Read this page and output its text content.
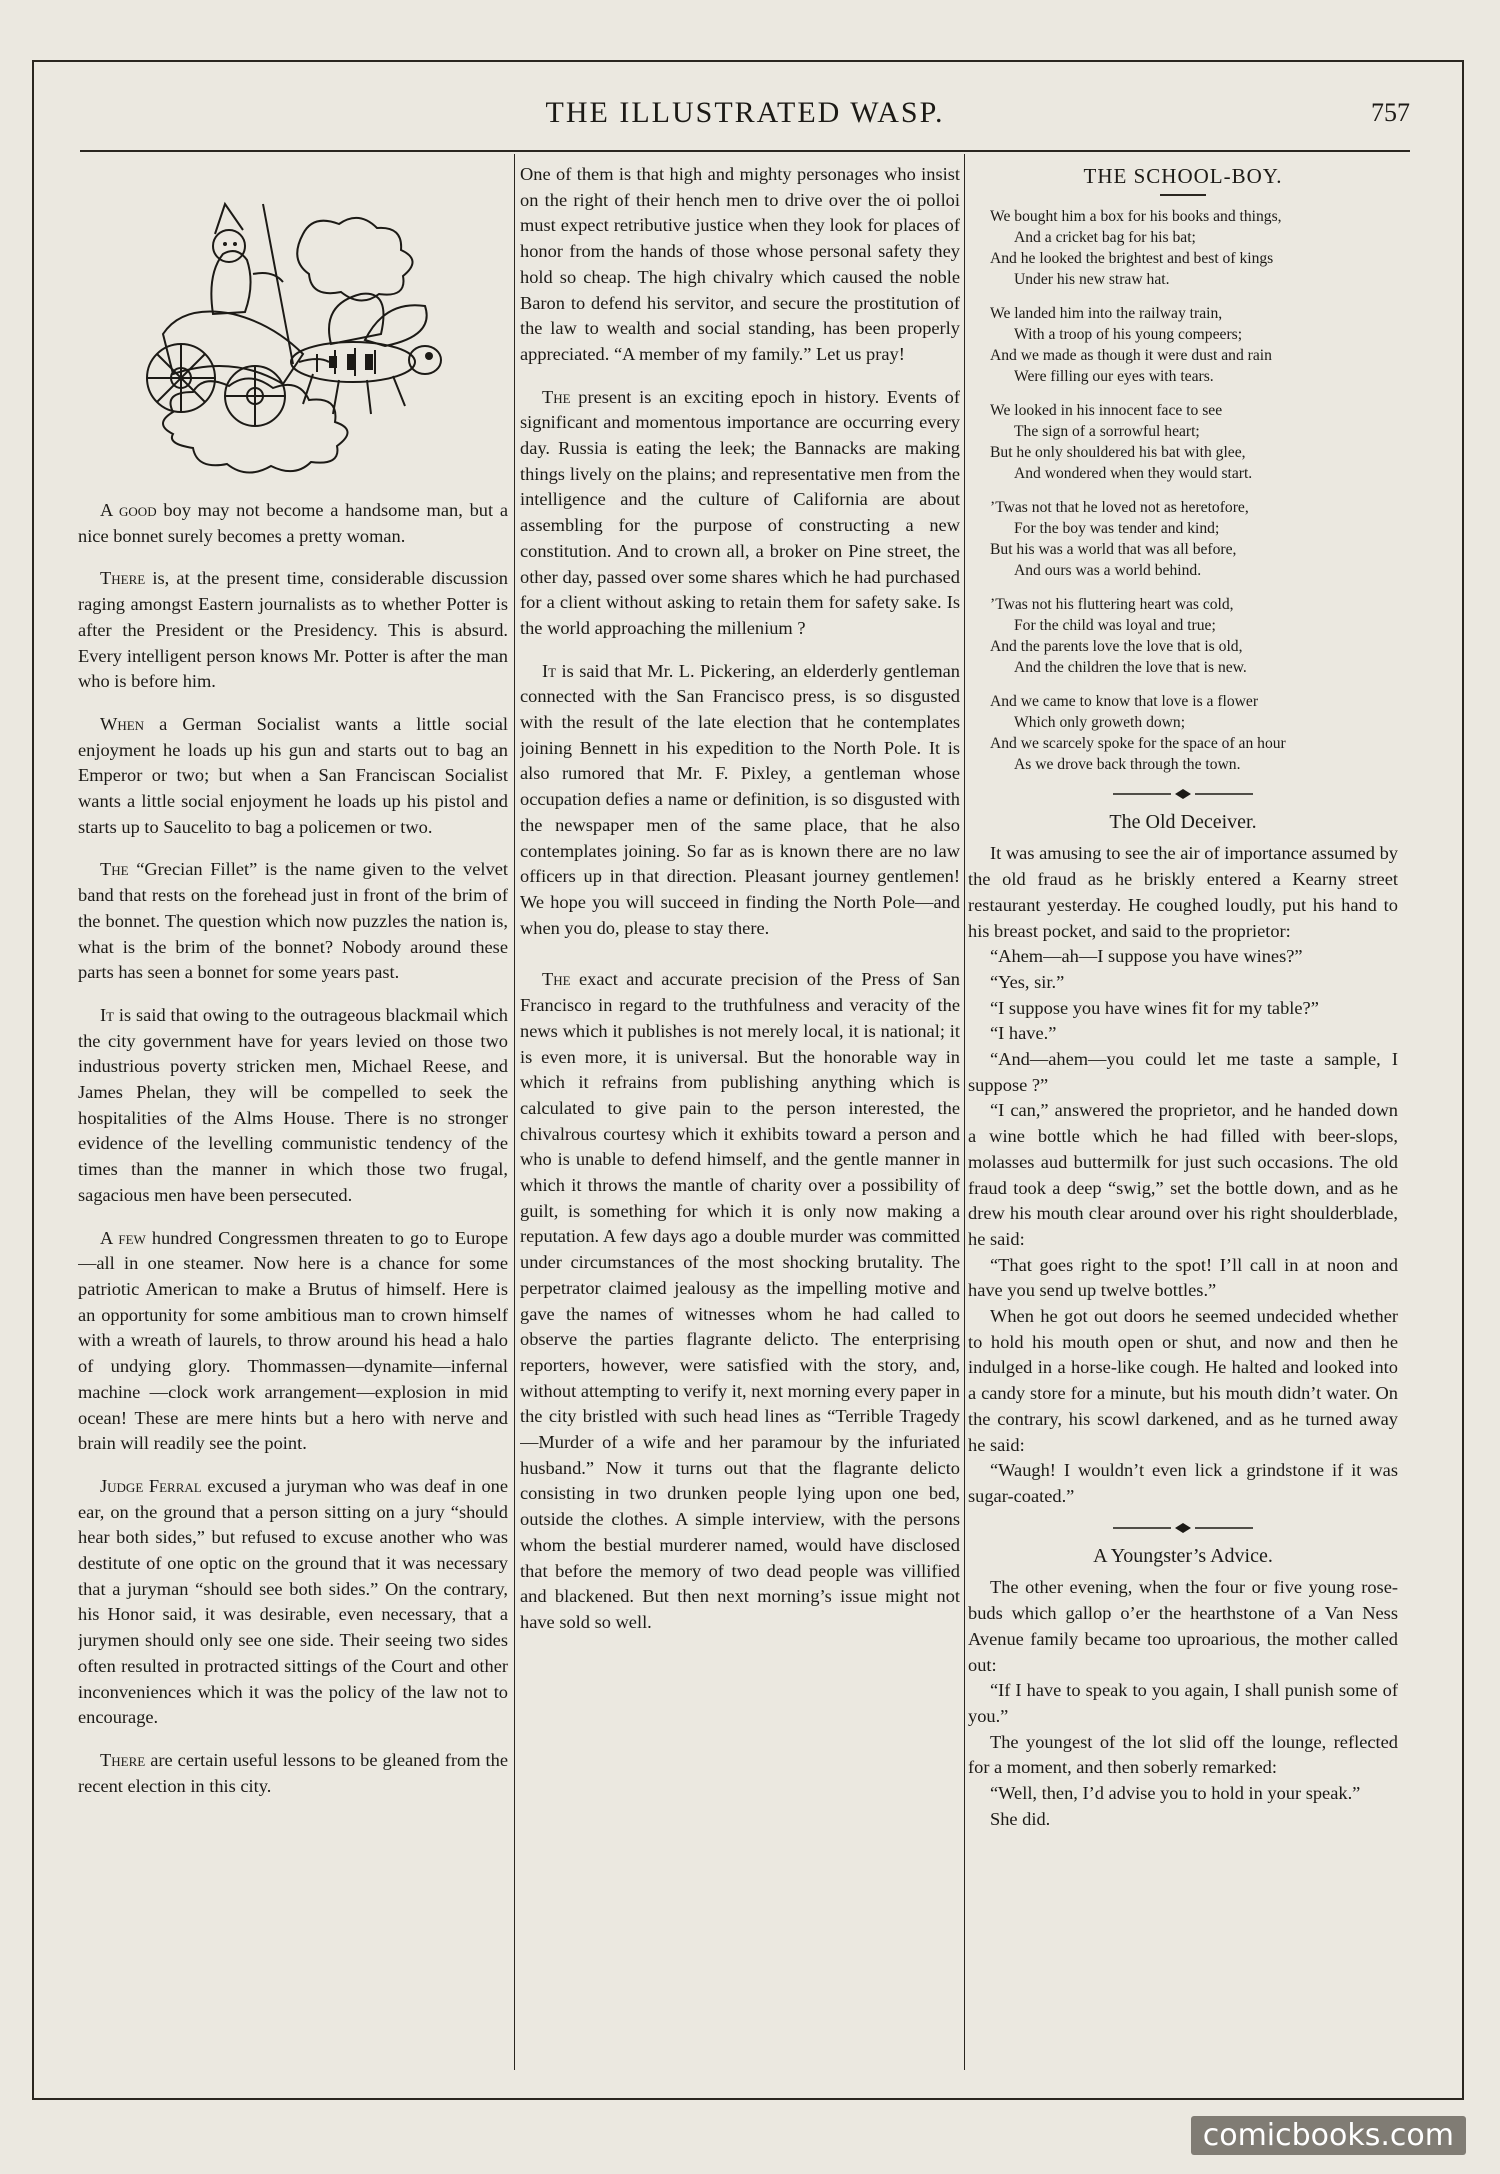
THE ILLUSTRATED WASP.	757

A good boy may not become a handsome man, but a nice bonnet surely becomes a pretty woman.

There is, at the present time, considerable discussion raging amongst Eastern journalists as to whether Potter is after the President or the Presidency. This is absurd. Every intelligent person knows Mr. Potter is after the man who is before him.

When a German Socialist wants a little social enjoyment he loads up his gun and starts out to bag an Emperor or two; but when a San Franciscan Socialist wants a little social enjoyment he loads up his pistol and starts up to Saucelito to bag a policemen or two.

The “Grecian Fillet” is the name given to the velvet band that rests on the forehead just in front of the brim of the bonnet. The question which now puzzles the nation is, what is the brim of the bonnet? Nobody around these parts has seen a bonnet for some years past.

It is said that owing to the outrageous blackmail which the city government have for years levied on those two industrious poverty stricken men, Michael Reese, and James Phelan, they will be compelled to seek the hospitalities of the Alms House. There is no stronger evidence of the levelling communistic tendency of the times than the manner in which those two frugal, sagacious men have been persecuted.

A few hundred Congressmen threaten to go to Europe—all in one steamer. Now here is a chance for some patriotic American to make a Brutus of himself. Here is an opportunity for some ambitious man to crown himself with a wreath of laurels, to throw around his head a halo of undying glory. Thommassen—dynamite—infernal machine —clock work arrangement—explosion in mid ocean! These are mere hints but a hero with nerve and brain will readily see the point.

Judge Ferral excused a juryman who was deaf in one ear, on the ground that a person sitting on a jury “should hear both sides,” but refused to excuse another who was destitute of one optic on the ground that it was necessary that a juryman “should see both sides.” On the contrary, his Honor said, it was desirable, even necessary, that a jurymen should only see one side. Their seeing two sides often resulted in protracted sittings of the Court and other inconveniences which it was the policy of the law not to encourage.

There are certain useful lessons to be gleaned from the recent election in this city.

One of them is that high and mighty personages who insist on the right of their hench men to drive over the oi polloi must expect retributive justice when they look for places of honor from the hands of those whose personal safety they hold so cheap. The high chivalry which caused the noble Baron to defend his servitor, and secure the prostitution of the law to wealth and social standing, has been properly appreciated. “A member of my family.” Let us pray!

The present is an exciting epoch in history. Events of significant and momentous importance are occurring every day. Russia is eating the leek; the Bannacks are making things lively on the plains; and representative men from the intelligence and the culture of California are about assembling for the purpose of constructing a new constitution. And to crown all, a broker on Pine street, the other day, passed over some shares which he had purchased for a client without asking to retain them for safety sake. Is the world approaching the millenium ?

It is said that Mr. L. Pickering, an elderderly gentleman connected with the San Francisco press, is so disgusted with the result of the late election that he contemplates joining Bennett in his expedition to the North Pole. It is also rumored that Mr. F. Pixley, a gentleman whose occupation defies a name or definition, is so disgusted with the newspaper men of the same place, that he also contemplates joining. So far as is known there are no law officers up in that direction. Pleasant journey gentlemen! We hope you will succeed in finding the North Pole—and when you do, please to stay there.

The exact and accurate precision of the Press of San Francisco in regard to the truthfulness and veracity of the news which it publishes is not merely local, it is national; it is even more, it is universal. But the honorable way in which it refrains from publishing anything which is calculated to give pain to the person interested, the chivalrous courtesy which it exhibits toward a person and who is unable to defend himself, and the gentle manner in which it throws the mantle of charity over a possibility of guilt, is something for which it is only now making a reputation. A few days ago a double murder was committed under circumstances of the most shocking brutality. The perpetrator claimed jealousy as the impelling motive and gave the names of witnesses whom he had called to observe the parties flagrante delicto. The enterprising reporters, however, were satisfied with the story, and, without attempting to verify it, next morning every paper in the city bristled with such head lines as “Terrible Tragedy—Murder of a wife and her paramour by the infuriated husband.” Now it turns out that the flagrante delicto consisting in two drunken people lying upon one bed, outside the clothes. A simple interview, with the persons whom the bestial murderer named, would have disclosed that before the memory of two dead people was villified and blackened. But then next morning’s issue might not have sold so well.

THE SCHOOL-BOY.
We bought him a box for his books and things,
And a cricket bag for his bat;
And he looked the brightest and best of kings
Under his new straw hat.
We landed him into the railway train,
With a troop of his young compeers;
And we made as though it were dust and rain
Were filling our eyes with tears.
We looked in his innocent face to see
The sign of a sorrowful heart;
But he only shouldered his bat with glee,
And wondered when they would start.
’Twas not that he loved not as heretofore,
For the boy was tender and kind;
But his was a world that was all before,
And ours was a world behind.
’Twas not his fluttering heart was cold,
For the child was loyal and true;
And the parents love the love that is old,
And the children the love that is new.
And we came to know that love is a flower
Which only groweth down;
And we scarcely spoke for the space of an hour
As we drove back through the town.
The Old Deceiver.

It was amusing to see the air of importance assumed by the old fraud as he briskly entered a Kearny street restaurant yesterday. He coughed loudly, put his hand to his breast pocket, and said to the proprietor:

“Ahem—ah—I suppose you have wines?”

“Yes, sir.”

“I suppose you have wines fit for my table?”

“I have.”

“And—ahem—you could let me taste a sample, I suppose ?”

“I can,” answered the proprietor, and he handed down a wine bottle which he had filled with beer-slops, molasses aud buttermilk for just such occasions. The old fraud took a deep “swig,” set the bottle down, and as he drew his mouth clear around over his right shoulderblade, he said:

“That goes right to the spot! I’ll call in at noon and have you send up twelve bottles.”

When he got out doors he seemed undecided whether to hold his mouth open or shut, and now and then he indulged in a horse-like cough. He halted and looked into a candy store for a minute, but his mouth didn’t water. On the contrary, his scowl darkened, and as he turned away he said:

“Waugh! I wouldn’t even lick a grindstone if it was sugar-coated.”

A Youngster’s Advice.

The other evening, when the four or five young rose-buds which gallop o’er the hearthstone of a Van Ness Avenue family became too uproarious, the mother called out:

“If I have to speak to you again, I shall punish some of you.”

The youngest of the lot slid off the lounge, reflected for a moment, and then soberly remarked:

“Well, then, I’d advise you to hold in your speak.”

She did.

comicbooks.com
